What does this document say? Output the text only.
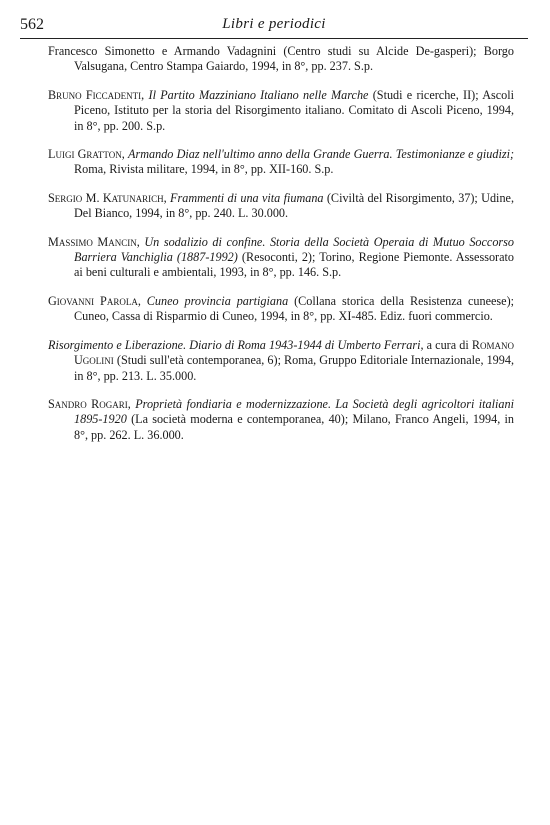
562	Libri e periodici

Francesco Simonetto e Armando Vadagnini (Centro studi su Alcide De-gasperi); Borgo Valsugana, Centro Stampa Gaiardo, 1994, in 8°, pp. 237. S.p.

Bruno Ficcadenti, Il Partito Mazziniano Italiano nelle Marche (Studi e ricerche, II); Ascoli Piceno, Istituto per la storia del Risorgimento italiano. Comitato di Ascoli Piceno, 1994, in 8°, pp. 200. S.p.

Luigi Gratton, Armando Diaz nell'ultimo anno della Grande Guerra. Testimonianze e giudizi; Roma, Rivista militare, 1994, in 8°, pp. XII-160. S.p.

Sergio M. Katunarich, Frammenti di una vita fiumana (Civiltà del Risorgimento, 37); Udine, Del Bianco, 1994, in 8°, pp. 240. L. 30.000.

Massimo Mancin, Un sodalizio di confine. Storia della Società Operaia di Mutuo Soccorso Barriera Vanchiglia (1887-1992) (Resoconti, 2); Torino, Regione Piemonte. Assessorato ai beni culturali e ambientali, 1993, in 8°, pp. 146. S.p.

Giovanni Parola, Cuneo provincia partigiana (Collana storica della Resistenza cuneese); Cuneo, Cassa di Risparmio di Cuneo, 1994, in 8°, pp. XI-485. Ediz. fuori commercio.

Risorgimento e Liberazione. Diario di Roma 1943-1944 di Umberto Ferrari, a cura di Romano Ugolini (Studi sull'età contemporanea, 6); Roma, Gruppo Editoriale Internazionale, 1994, in 8°, pp. 213. L. 35.000.

Sandro Rogari, Proprietà fondiaria e modernizzazione. La Società degli agricoltori italiani 1895-1920 (La società moderna e contemporanea, 40); Milano, Franco Angeli, 1994, in 8°, pp. 262. L. 36.000.
